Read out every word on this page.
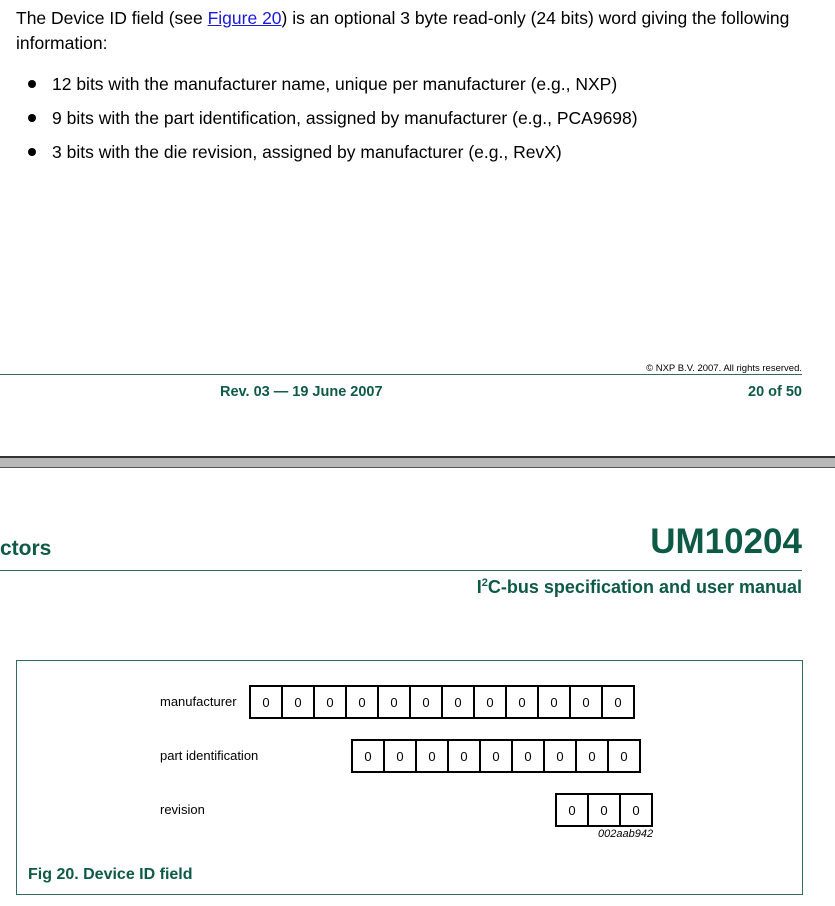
The Device ID field (see Figure 20) is an optional 3 byte read-only (24 bits) word giving the following information:
12 bits with the manufacturer name, unique per manufacturer (e.g., NXP)
9 bits with the part identification, assigned by manufacturer (e.g., PCA9698)
3 bits with the die revision, assigned by manufacturer (e.g., RevX)
© NXP B.V. 2007. All rights reserved.
Rev. 03 — 19 June 2007	20 of 50
ctors	UM10204
$I^2C$-bus specification and user manual
manufacturer	0	0	0	0	0	0	0	0	0	0	0	0
part identification	0	0	0	0	0	0	0	0	0
revision	0	0	0
002aab942
Fig 20. Device ID field
